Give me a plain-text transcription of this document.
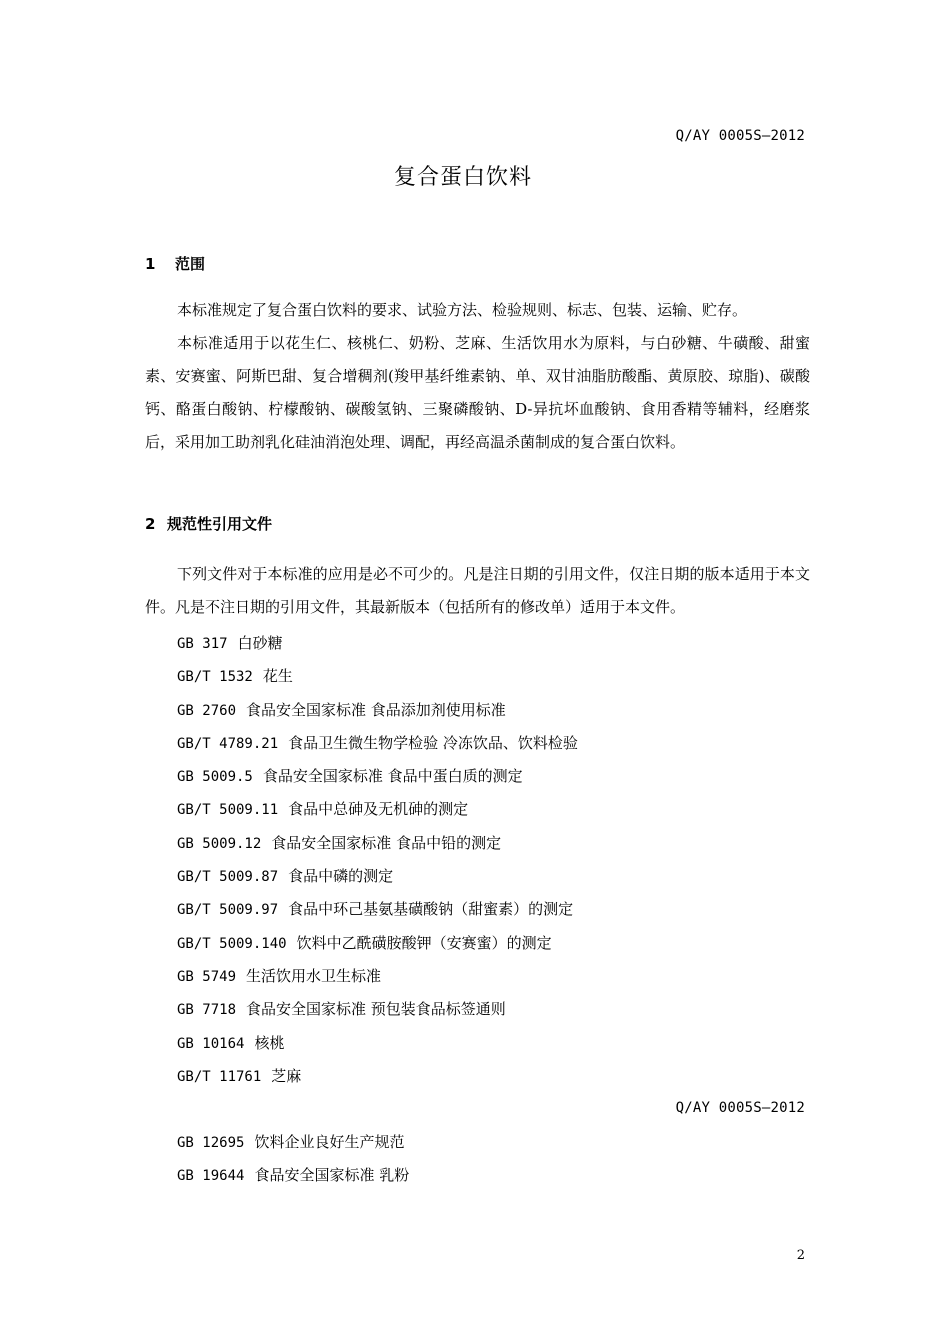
Q/AY 0005S—2012
复合蛋白饮料
1 范围
本标准规定了复合蛋白饮料的要求、试验方法、检验规则、标志、包装、运输、贮存。
本标准适用于以花生仁、核桃仁、奶粉、芝麻、生活饮用水为原料，与白砂糖、牛磺酸、甜蜜素、安赛蜜、阿斯巴甜、复合增稠剂(羧甲基纤维素钠、单、双甘油脂肪酸酯、黄原胶、琼脂)、碳酸钙、酪蛋白酸钠、柠檬酸钠、碳酸氢钠、三聚磷酸钠、D-异抗坏血酸钠、食用香精等辅料，经磨浆后，采用加工助剂乳化硅油消泡处理、调配，再经高温杀菌制成的复合蛋白饮料。
2 规范性引用文件
下列文件对于本标准的应用是必不可少的。凡是注日期的引用文件，仅注日期的版本适用于本文件。凡是不注日期的引用文件，其最新版本（包括所有的修改单）适用于本文件。
GB 317 白砂糖
GB/T 1532 花生
GB 2760 食品安全国家标准 食品添加剂使用标准
GB/T 4789.21 食品卫生微生物学检验 冷冻饮品、饮料检验
GB 5009.5 食品安全国家标准 食品中蛋白质的测定
GB/T 5009.11 食品中总砷及无机砷的测定
GB 5009.12 食品安全国家标准 食品中铅的测定
GB/T 5009.87 食品中磷的测定
GB/T 5009.97 食品中环己基氨基磺酸钠（甜蜜素）的测定
GB/T 5009.140 饮料中乙酰磺胺酸钾（安赛蜜）的测定
GB 5749 生活饮用水卫生标准
GB 7718 食品安全国家标准 预包装食品标签通则
GB 10164 核桃
GB/T 11761 芝麻
Q/AY 0005S—2012
GB 12695 饮料企业良好生产规范
GB 19644 食品安全国家标准 乳粉
2
